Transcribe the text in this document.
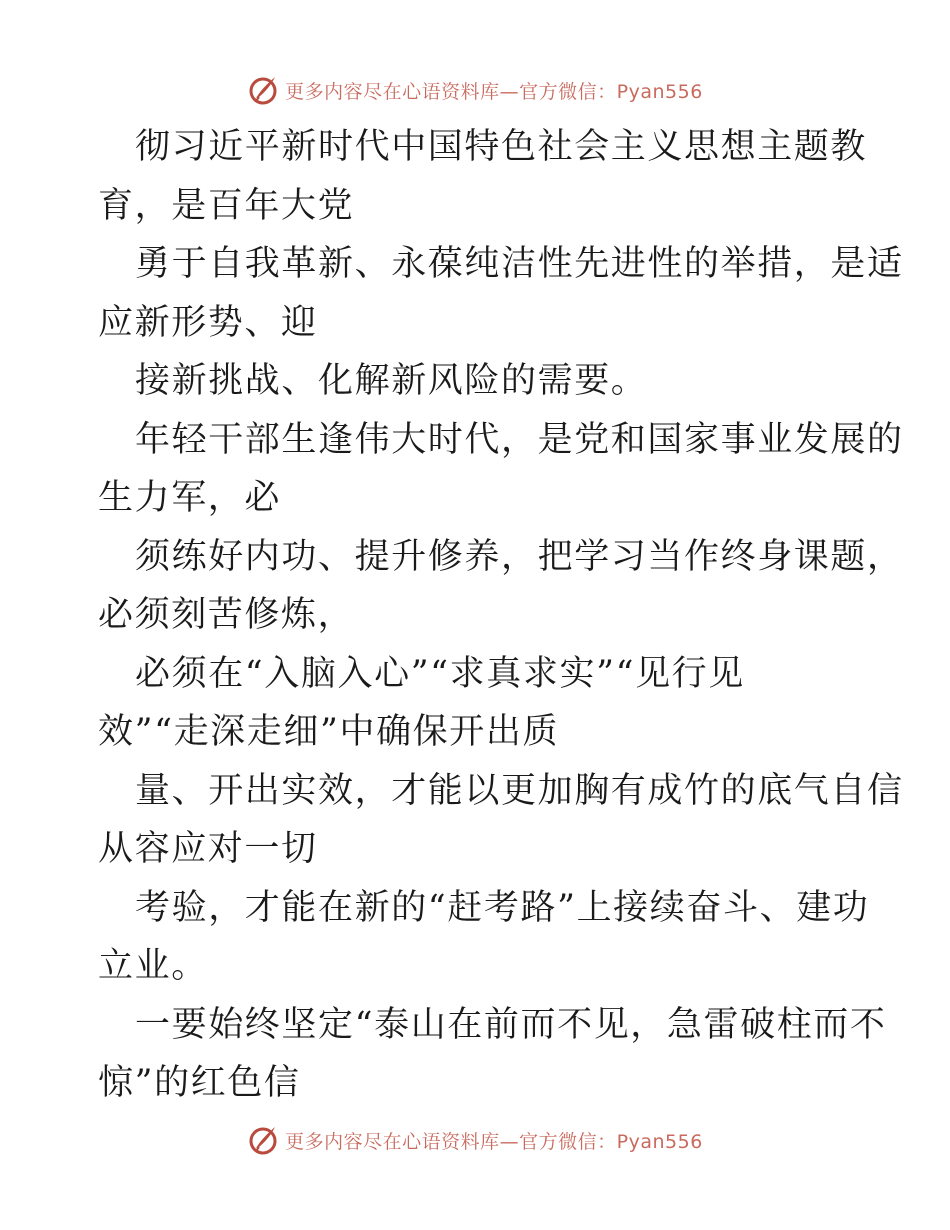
更多内容尽在心语资料库—官方微信：Pyan556
彻习近平新时代中国特色社会主义思想主题教
育，是百年大党
勇于自我革新、永葆纯洁性先进性的举措，是适
应新形势、迎
接新挑战、化解新风险的需要。
年轻干部生逢伟大时代，是党和国家事业发展的
生力军，必
须练好内功、提升修养，把学习当作终身课题，
必须刻苦修炼，
必须在“入脑入心”“求真求实”“见行见
效”“走深走细”中确保开出质
量、开出实效，才能以更加胸有成竹的底气自信
从容应对一切
考验，才能在新的“赶考路”上接续奋斗、建功
立业。
一要始终坚定“泰山在前而不见，急雷破柱而不
惊”的红色信
更多内容尽在心语资料库—官方微信：Pyan556
